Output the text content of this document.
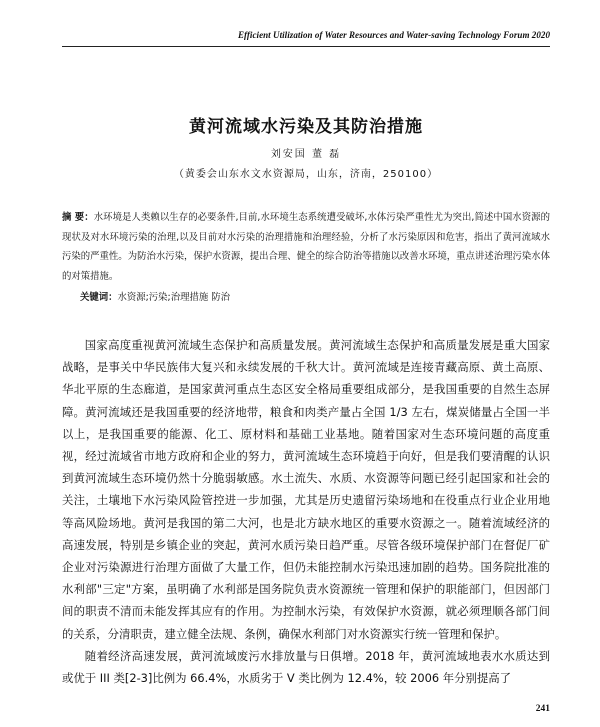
Efficient Utilization of Water Resources and Water-saving Technology Forum 2020
黄河流域水污染及其防治措施
刘安国 董 磊
（黄委会山东水文水资源局，山东，济南，250100）
摘 要：水环境是人类赖以生存的必要条件,目前,水环境生态系统遭受破坏,水体污染严重性尤为突出,简述中国水资源的现状及对水环境污染的治理,以及目前对水污染的治理措施和治理经验，分析了水污染原因和危害，指出了黄河流域水污染的严重性。为防治水污染，保护水资源，提出合理、健全的综合防治等措施以改善水环境，重点讲述治理污染水体的对策措施。
关键词：水资源;污染;治理措施 防治

国家高度重视黄河流域生态保护和高质量发展。黄河流域生态保护和高质量发展是重大国家战略，是事关中华民族伟大复兴和永续发展的千秋大计。黄河流域是连接青藏高原、黄土高原、华北平原的生态廊道，是国家黄河重点生态区安全格局重要组成部分，是我国重要的自然生态屏障。黄河流域还是我国重要的经济地带，粮食和肉类产量占全国 1/3 左右，煤炭储量占全国一半以上，是我国重要的能源、化工、原材料和基础工业基地。随着国家对生态环境问题的高度重视，经过流域省市地方政府和企业的努力，黄河流域生态环境趋于向好，但是我们要清醒的认识到黄河流域生态环境仍然十分脆弱敏感。水土流失、水质、水资源等问题已经引起国家和社会的关注，土壤地下水污染风险管控进一步加强，尤其是历史遗留污染场地和在役重点行业企业用地等高风险场地。黄河是我国的第二大河，也是北方缺水地区的重要水资源之一。随着流域经济的高速发展，特别是乡镇企业的突起，黄河水质污染日趋严重。尽管各级环境保护部门在督促厂矿企业对污染源进行治理方面做了大量工作，但仍未能控制水污染迅速加剧的趋势。国务院批准的水利部"三定"方案，虽明确了水利部是国务院负责水资源统一管理和保护的职能部门，但因部门间的职责不清而未能发挥其应有的作用。为控制水污染，有效保护水资源，就必须理顺各部门间的关系，分清职责，建立健全法规、条例，确保水利部门对水资源实行统一管理和保护。

随着经济高速发展，黄河流域废污水排放量与日俱增。2018 年，黄河流域地表水水质达到或优于 III 类[2-3]比例为 66.4%，水质劣于 V 类比例为 12.4%，较 2006 年分别提高了

241
